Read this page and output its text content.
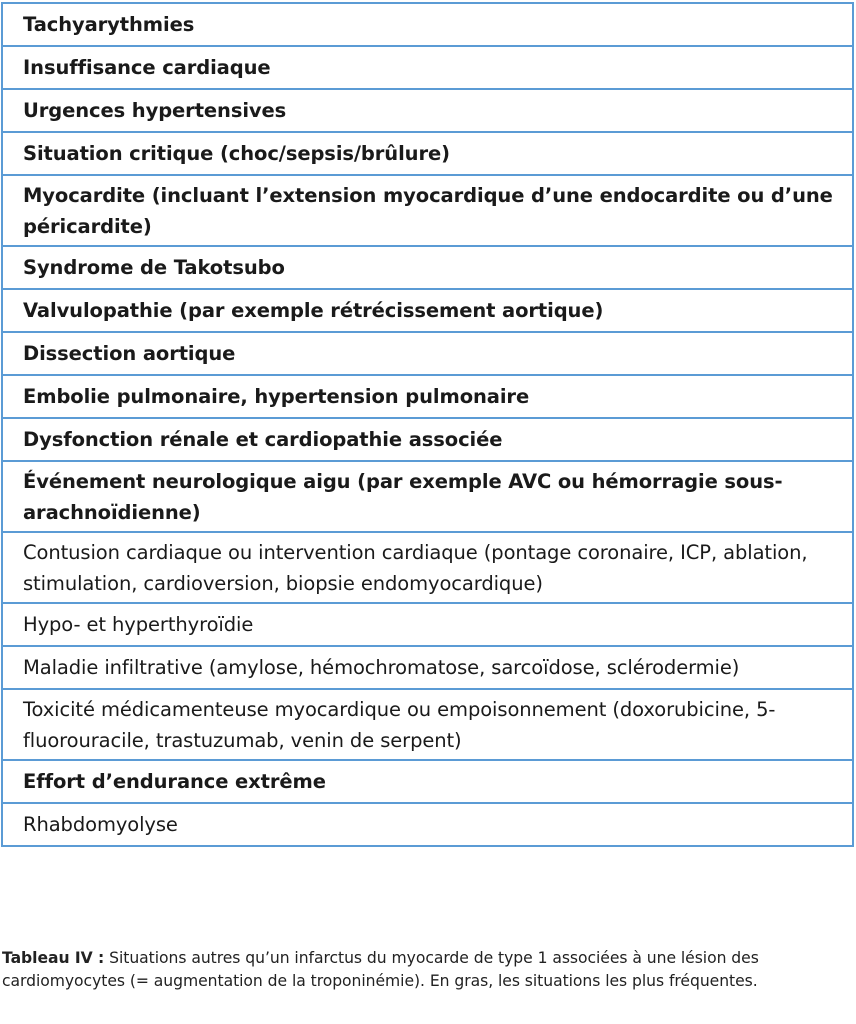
Tachyarythmies
Insuffisance cardiaque
Urgences hypertensives
Situation critique (choc/sepsis/brûlure)
Myocardite (incluant l’extension myocardique d’une endocardite ou d’une péricardite)
Syndrome de Takotsubo
Valvulopathie (par exemple rétrécissement aortique)
Dissection aortique
Embolie pulmonaire, hypertension pulmonaire
Dysfonction rénale et cardiopathie associée
Événement neurologique aigu (par exemple AVC ou hémorragie sous-arachnoïdienne)
Contusion cardiaque ou intervention cardiaque (pontage coronaire, ICP, ablation, stimulation, cardioversion, biopsie endomyocardique)
Hypo- et hyperthyroïdie
Maladie infiltrative (amylose, hémochromatose, sarcoïdose, sclérodermie)
Toxicité médicamenteuse myocardique ou empoisonnement (doxorubicine, 5-fluorouracile, trastuzumab, venin de serpent)
Effort d’endurance extrême
Rhabdomyolyse
Tableau IV : Situations autres qu’un infarctus du myocarde de type 1 associées à une lésion des cardiomyocytes (= augmentation de la troponinémie). En gras, les situations les plus fréquentes.
